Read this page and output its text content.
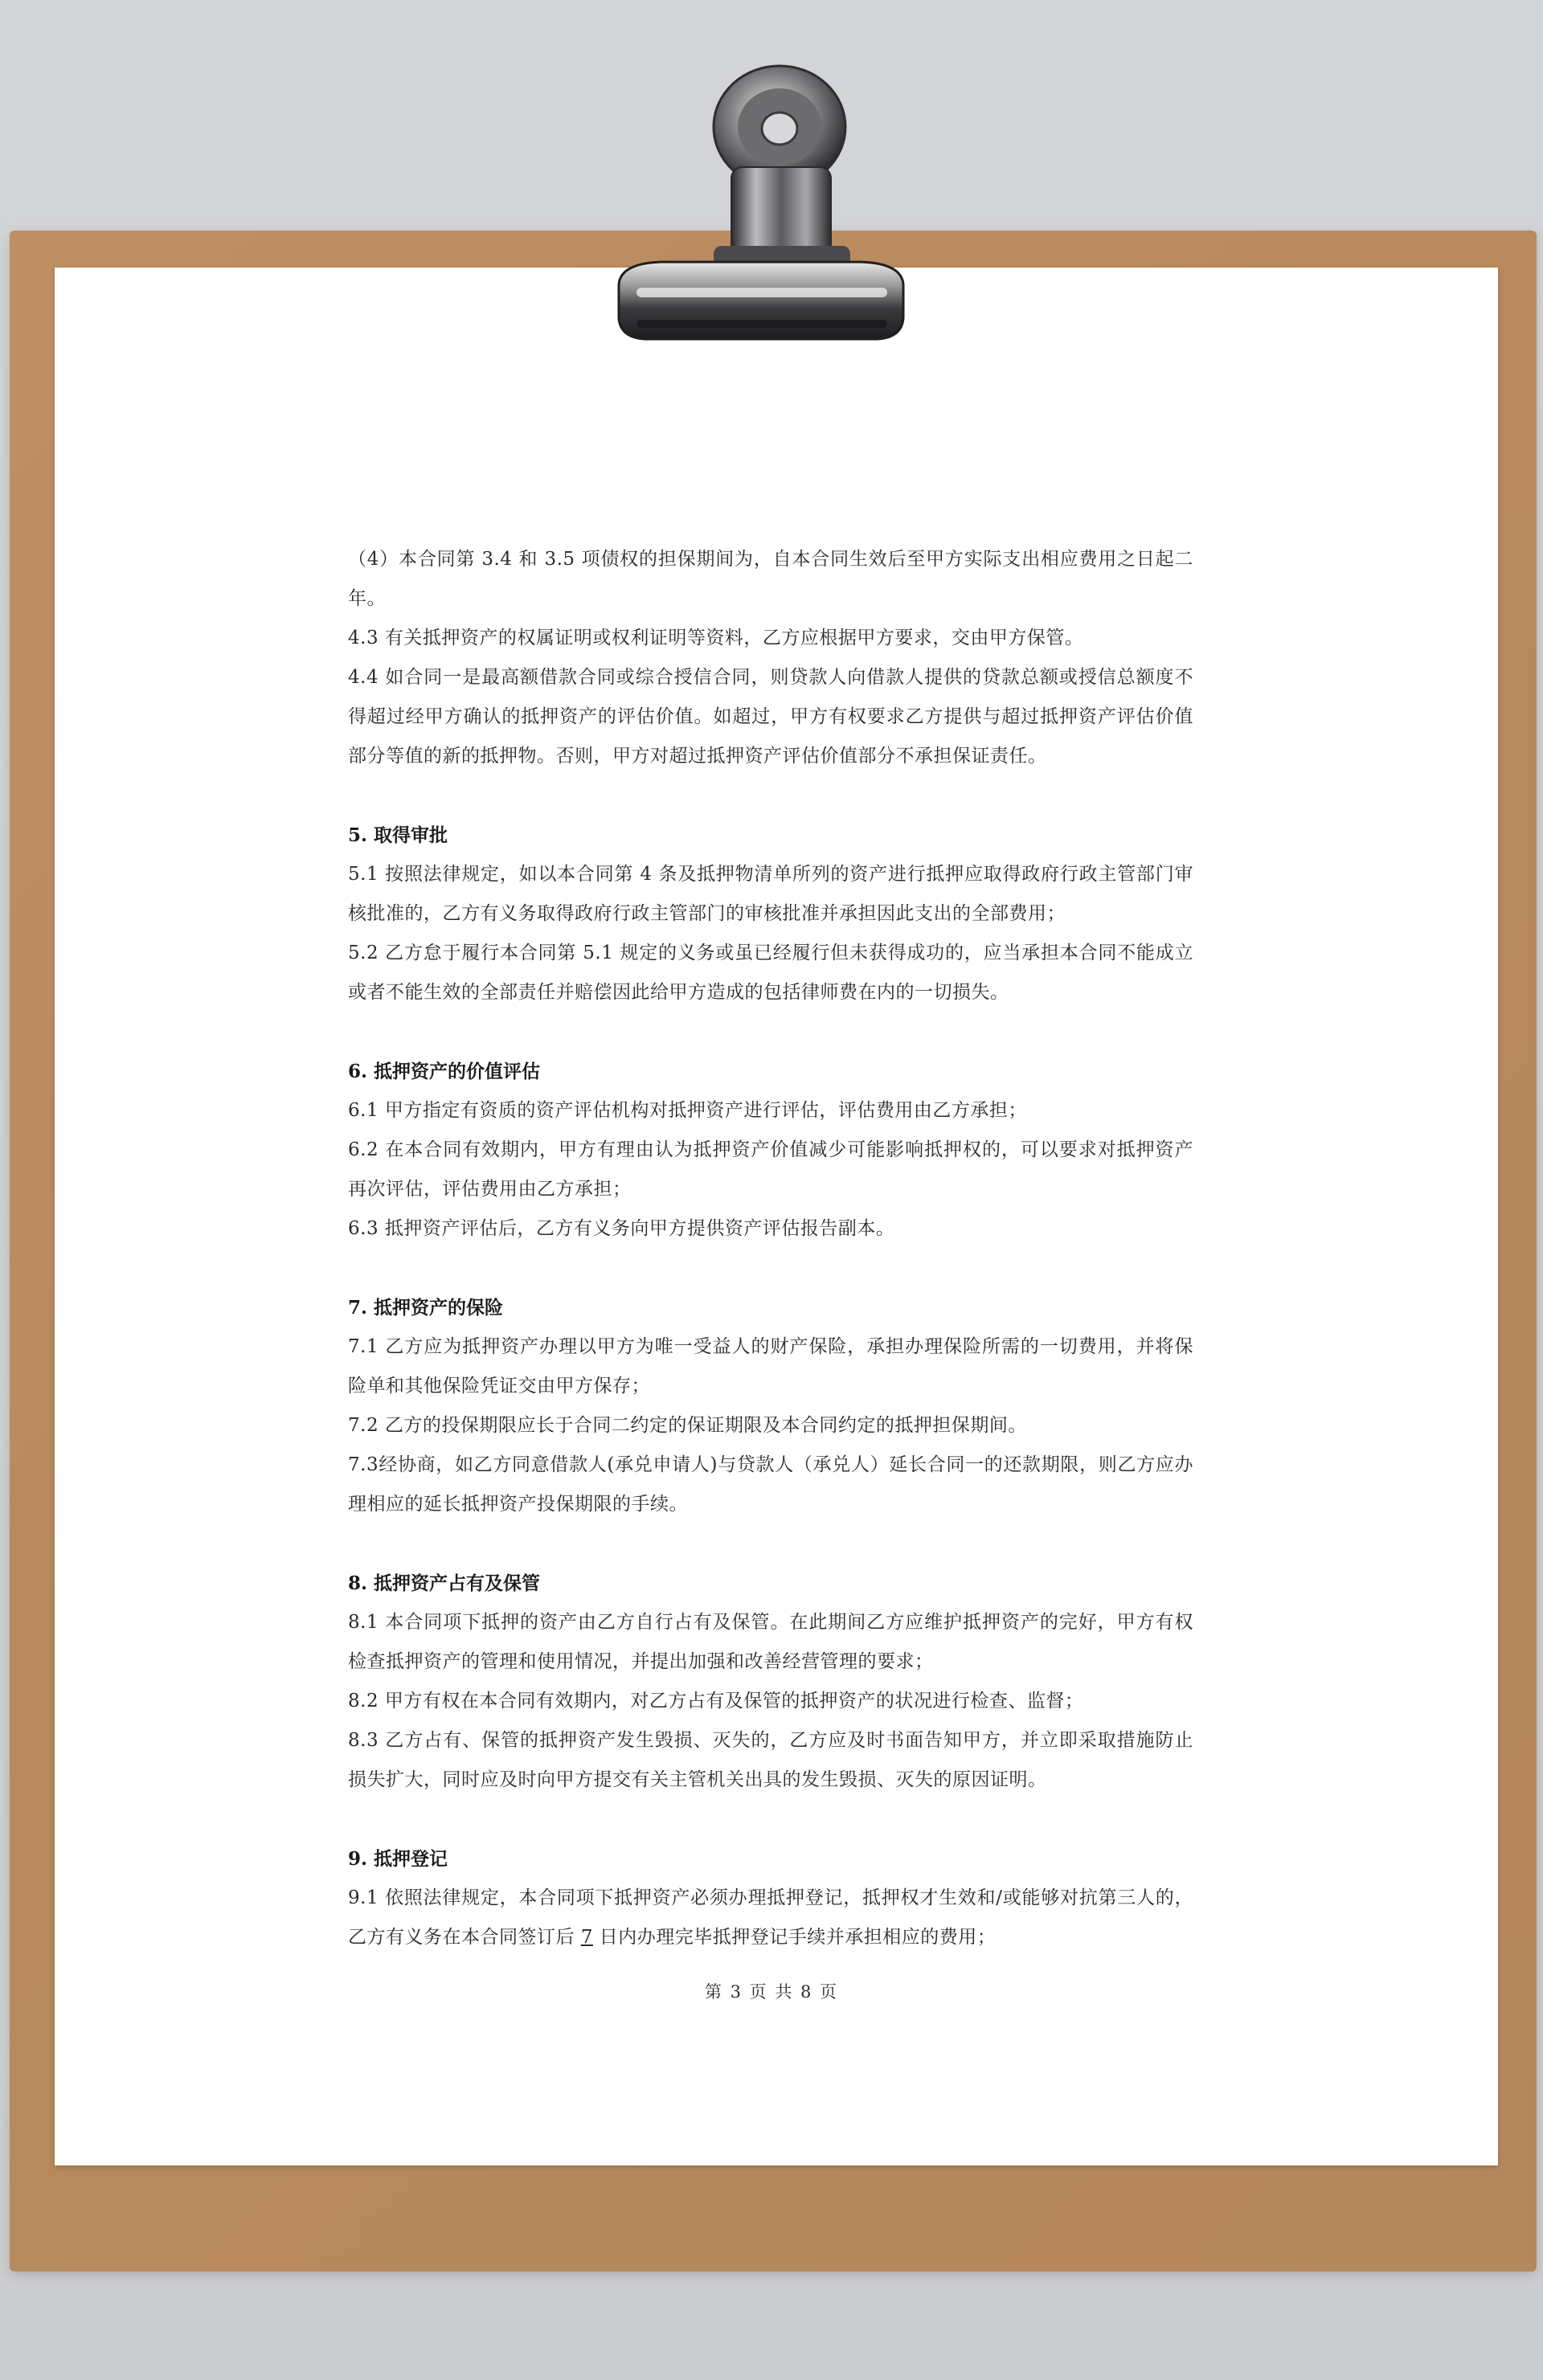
（4）本合同第 3.4 和 3.5 项债权的担保期间为，自本合同生效后至甲方实际支出相应费用之日起二年。

4.3 有关抵押资产的权属证明或权利证明等资料，乙方应根据甲方要求，交由甲方保管。

4.4 如合同一是最高额借款合同或综合授信合同，则贷款人向借款人提供的贷款总额或授信总额度不得超过经甲方确认的抵押资产的评估价值。如超过，甲方有权要求乙方提供与超过抵押资产评估价值部分等值的新的抵押物。否则，甲方对超过抵押资产评估价值部分不承担保证责任。

5. 取得审批

5.1 按照法律规定，如以本合同第 4 条及抵押物清单所列的资产进行抵押应取得政府行政主管部门审核批准的，乙方有义务取得政府行政主管部门的审核批准并承担因此支出的全部费用；

5.2 乙方怠于履行本合同第 5.1 规定的义务或虽已经履行但未获得成功的，应当承担本合同不能成立或者不能生效的全部责任并赔偿因此给甲方造成的包括律师费在内的一切损失。

6. 抵押资产的价值评估

6.1 甲方指定有资质的资产评估机构对抵押资产进行评估，评估费用由乙方承担；

6.2 在本合同有效期内，甲方有理由认为抵押资产价值减少可能影响抵押权的，可以要求对抵押资产再次评估，评估费用由乙方承担；

6.3 抵押资产评估后，乙方有义务向甲方提供资产评估报告副本。

7. 抵押资产的保险

7.1 乙方应为抵押资产办理以甲方为唯一受益人的财产保险，承担办理保险所需的一切费用，并将保险单和其他保险凭证交由甲方保存；

7.2 乙方的投保期限应长于合同二约定的保证期限及本合同约定的抵押担保期间。

7.3经协商，如乙方同意借款人(承兑申请人)与贷款人（承兑人）延长合同一的还款期限，则乙方应办理相应的延长抵押资产投保期限的手续。

8. 抵押资产占有及保管

8.1 本合同项下抵押的资产由乙方自行占有及保管。在此期间乙方应维护抵押资产的完好，甲方有权检查抵押资产的管理和使用情况，并提出加强和改善经营管理的要求；

8.2 甲方有权在本合同有效期内，对乙方占有及保管的抵押资产的状况进行检查、监督；

8.3 乙方占有、保管的抵押资产发生毁损、灭失的，乙方应及时书面告知甲方，并立即采取措施防止损失扩大，同时应及时向甲方提交有关主管机关出具的发生毁损、灭失的原因证明。

9. 抵押登记

9.1 依照法律规定，本合同项下抵押资产必须办理抵押登记，抵押权才生效和/或能够对抗第三人的，乙方有义务在本合同签订后 7 日内办理完毕抵押登记手续并承担相应的费用；

第 3 页 共 8 页
